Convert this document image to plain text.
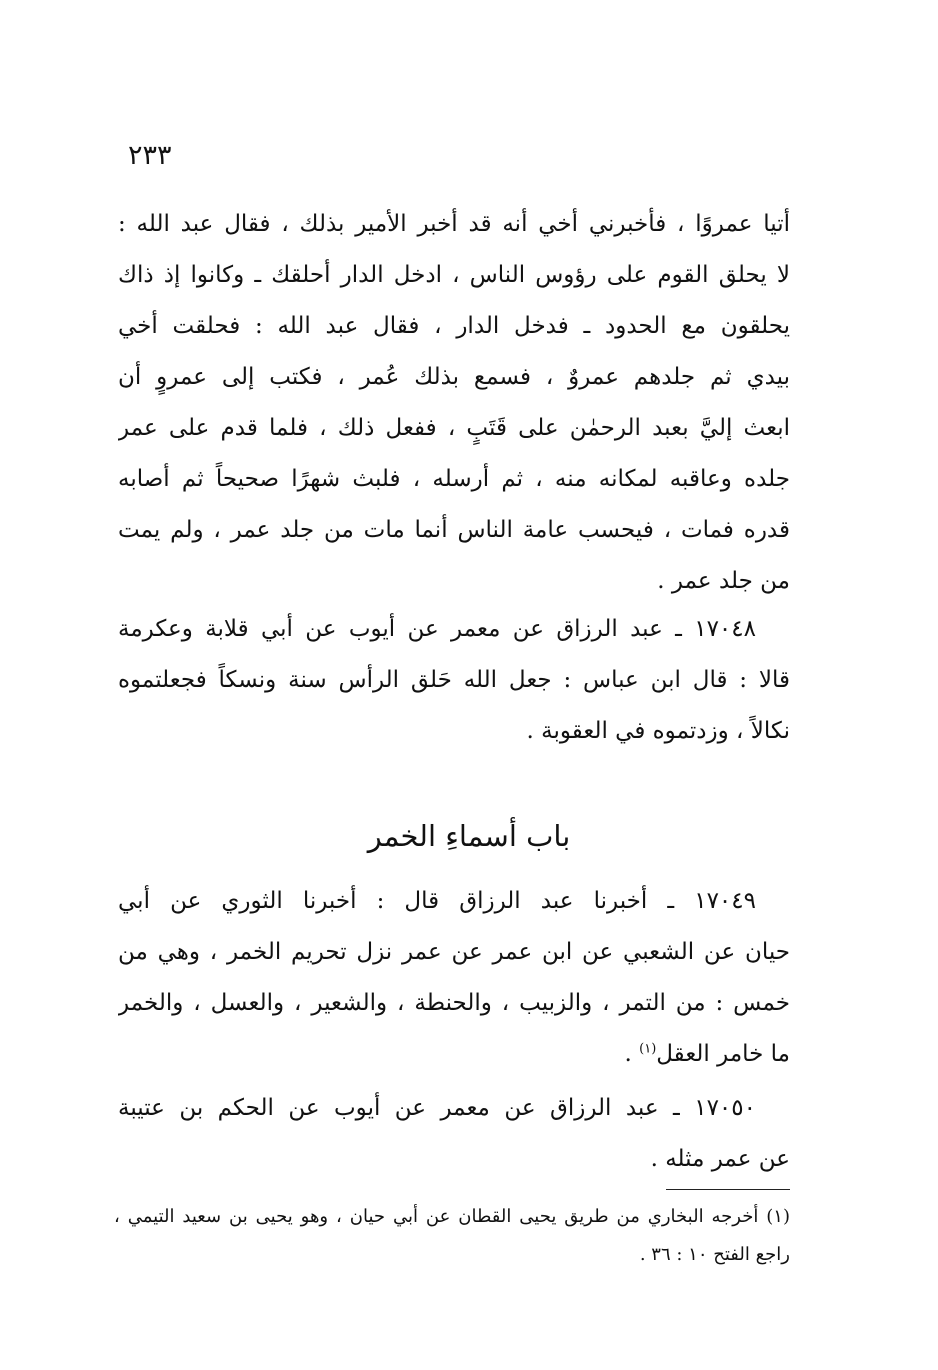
٢٣٣
أتيا عمروًا ، فأخبرني أخي أنه قد أخبر الأمير بذلك ، فقال عبد الله :
لا يحلق القوم على رؤوس الناس ، ادخل الدار أحلقك ـ وكانوا إذ ذاك
يحلقون مع الحدود ـ فدخل الدار ، فقال عبد الله : فحلقت أخي
بيدي ثم جلدهم عمروٌ ، فسمع بذلك عُمر ، فكتب إلى عمروٍ أن
ابعث إليَّ بعبد الرحمٰن على قَتَبٍ ، ففعل ذلك ، فلما قدم على عمر
جلده وعاقبه لمكانه منه ، ثم أرسله ، فلبث شهرًا صحيحاً ثم أصابه
قدره فمات ، فيحسب عامة الناس أنما مات من جلد عمر ، ولم يمت
من جلد عمر .
١٧٠٤٨ ـ عبد الرزاق عن معمر عن أيوب عن أبي قلابة وعكرمة
قالا : قال ابن عباس : جعل الله حَلق الرأس سنة ونسكاً فجعلتموه
نكالاً ، وزدتموه في العقوبة .
باب أسماءِ الخمر
١٧٠٤٩ ـ أخبرنا عبد الرزاق قال : أخبرنا الثوري عن أبي
حيان عن الشعبي عن ابن عمر عن عمر نزل تحريم الخمر ، وهي من
خمس : من التمر ، والزبيب ، والحنطة ، والشعير ، والعسل ، والخمر
ما خامر العقل$^{(١)}$ .
١٧٠٥٠ ـ عبد الرزاق عن معمر عن أيوب عن الحكم بن عتيبة
عن عمر مثله .
(١) أخرجه البخاري من طريق يحيى القطان عن أبي حيان ، وهو يحيى بن سعيد التيمي ،
راجع الفتح ١٠ : ٣٦ .
